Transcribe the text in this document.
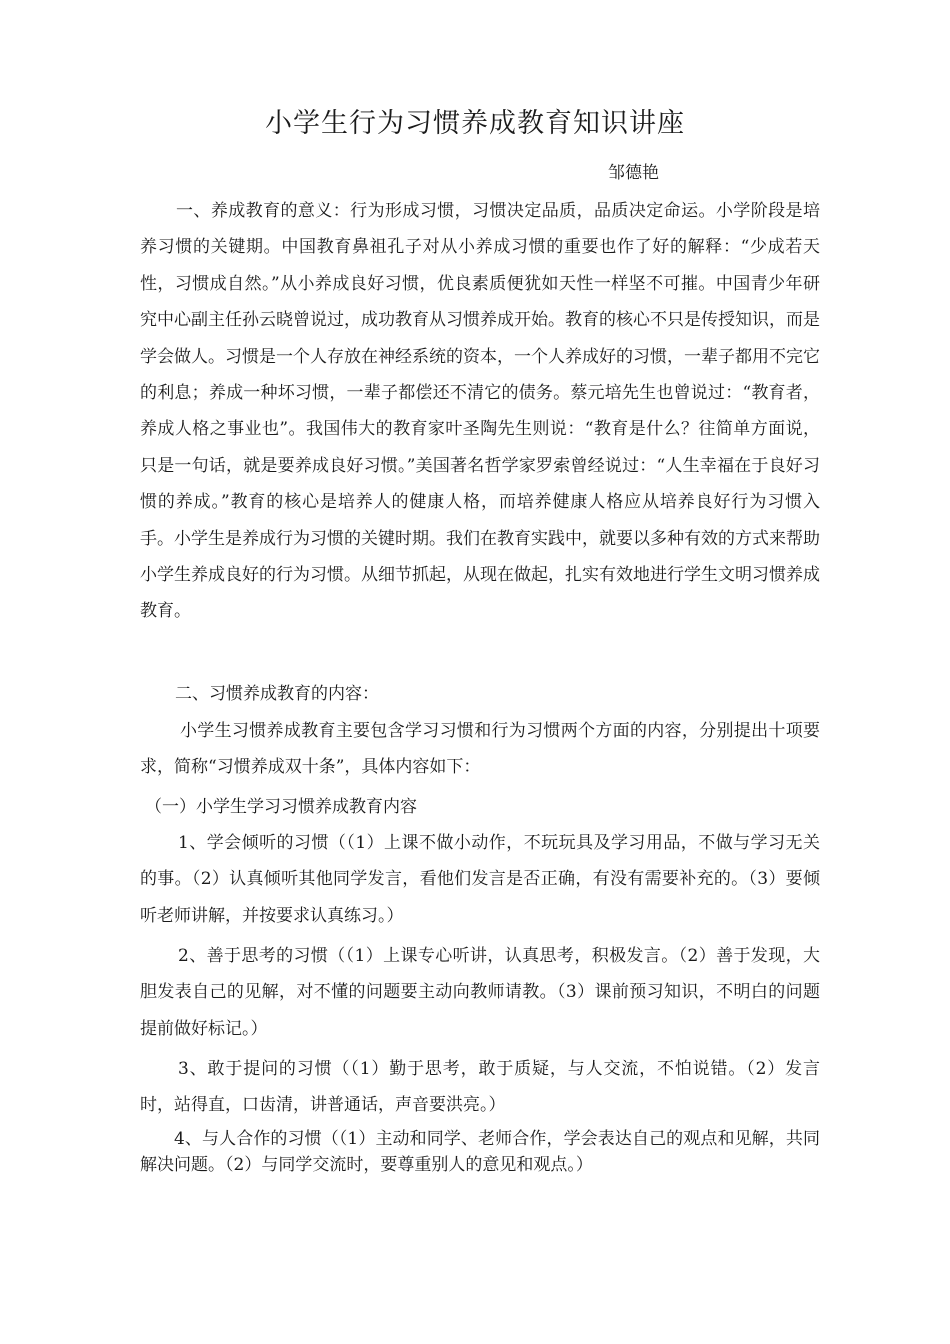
小学生行为习惯养成教育知识讲座
邹德艳
一、养成教育的意义：行为形成习惯，习惯决定品质，品质决定命运。小学阶段是培养习惯的关键期。中国教育鼻祖孔子对从小养成习惯的重要也作了好的解释：“少成若天性，习惯成自然。”从小养成良好习惯，优良素质便犹如天性一样坚不可摧。中国青少年研究中心副主任孙云晓曾说过，成功教育从习惯养成开始。教育的核心不只是传授知识，而是学会做人。习惯是一个人存放在神经系统的资本，一个人养成好的习惯，一辈子都用不完它的利息；养成一种坏习惯，一辈子都偿还不清它的债务。蔡元培先生也曾说过：“教育者，养成人格之事业也”。我国伟大的教育家叶圣陶先生则说：“教育是什么？往简单方面说，只是一句话，就是要养成良好习惯。”美国著名哲学家罗索曾经说过：“人生幸福在于良好习惯的养成。”教育的核心是培养人的健康人格，而培养健康人格应从培养良好行为习惯入手。小学生是养成行为习惯的关键时期。我们在教育实践中，就要以多种有效的方式来帮助小学生养成良好的行为习惯。从细节抓起，从现在做起，扎实有效地进行学生文明习惯养成教育。
二、习惯养成教育的内容：
小学生习惯养成教育主要包含学习习惯和行为习惯两个方面的内容，分别提出十项要求，简称“习惯养成双十条”，具体内容如下：
（一）小学生学习习惯养成教育内容
1、学会倾听的习惯（（1）上课不做小动作，不玩玩具及学习用品，不做与学习无关的事。（2）认真倾听其他同学发言，看他们发言是否正确，有没有需要补充的。（3）要倾听老师讲解，并按要求认真练习。）
2、善于思考的习惯（（1）上课专心听讲，认真思考，积极发言。（2）善于发现，大胆发表自己的见解，对不懂的问题要主动向教师请教。（3）课前预习知识，不明白的问题提前做好标记。）
3、敢于提问的习惯（（1）勤于思考，敢于质疑，与人交流，不怕说错。（2）发言时，站得直，口齿清，讲普通话，声音要洪亮。）
4、与人合作的习惯（（1）主动和同学、老师合作，学会表达自己的观点和见解，共同解决问题。（2）与同学交流时，要尊重别人的意见和观点。）
